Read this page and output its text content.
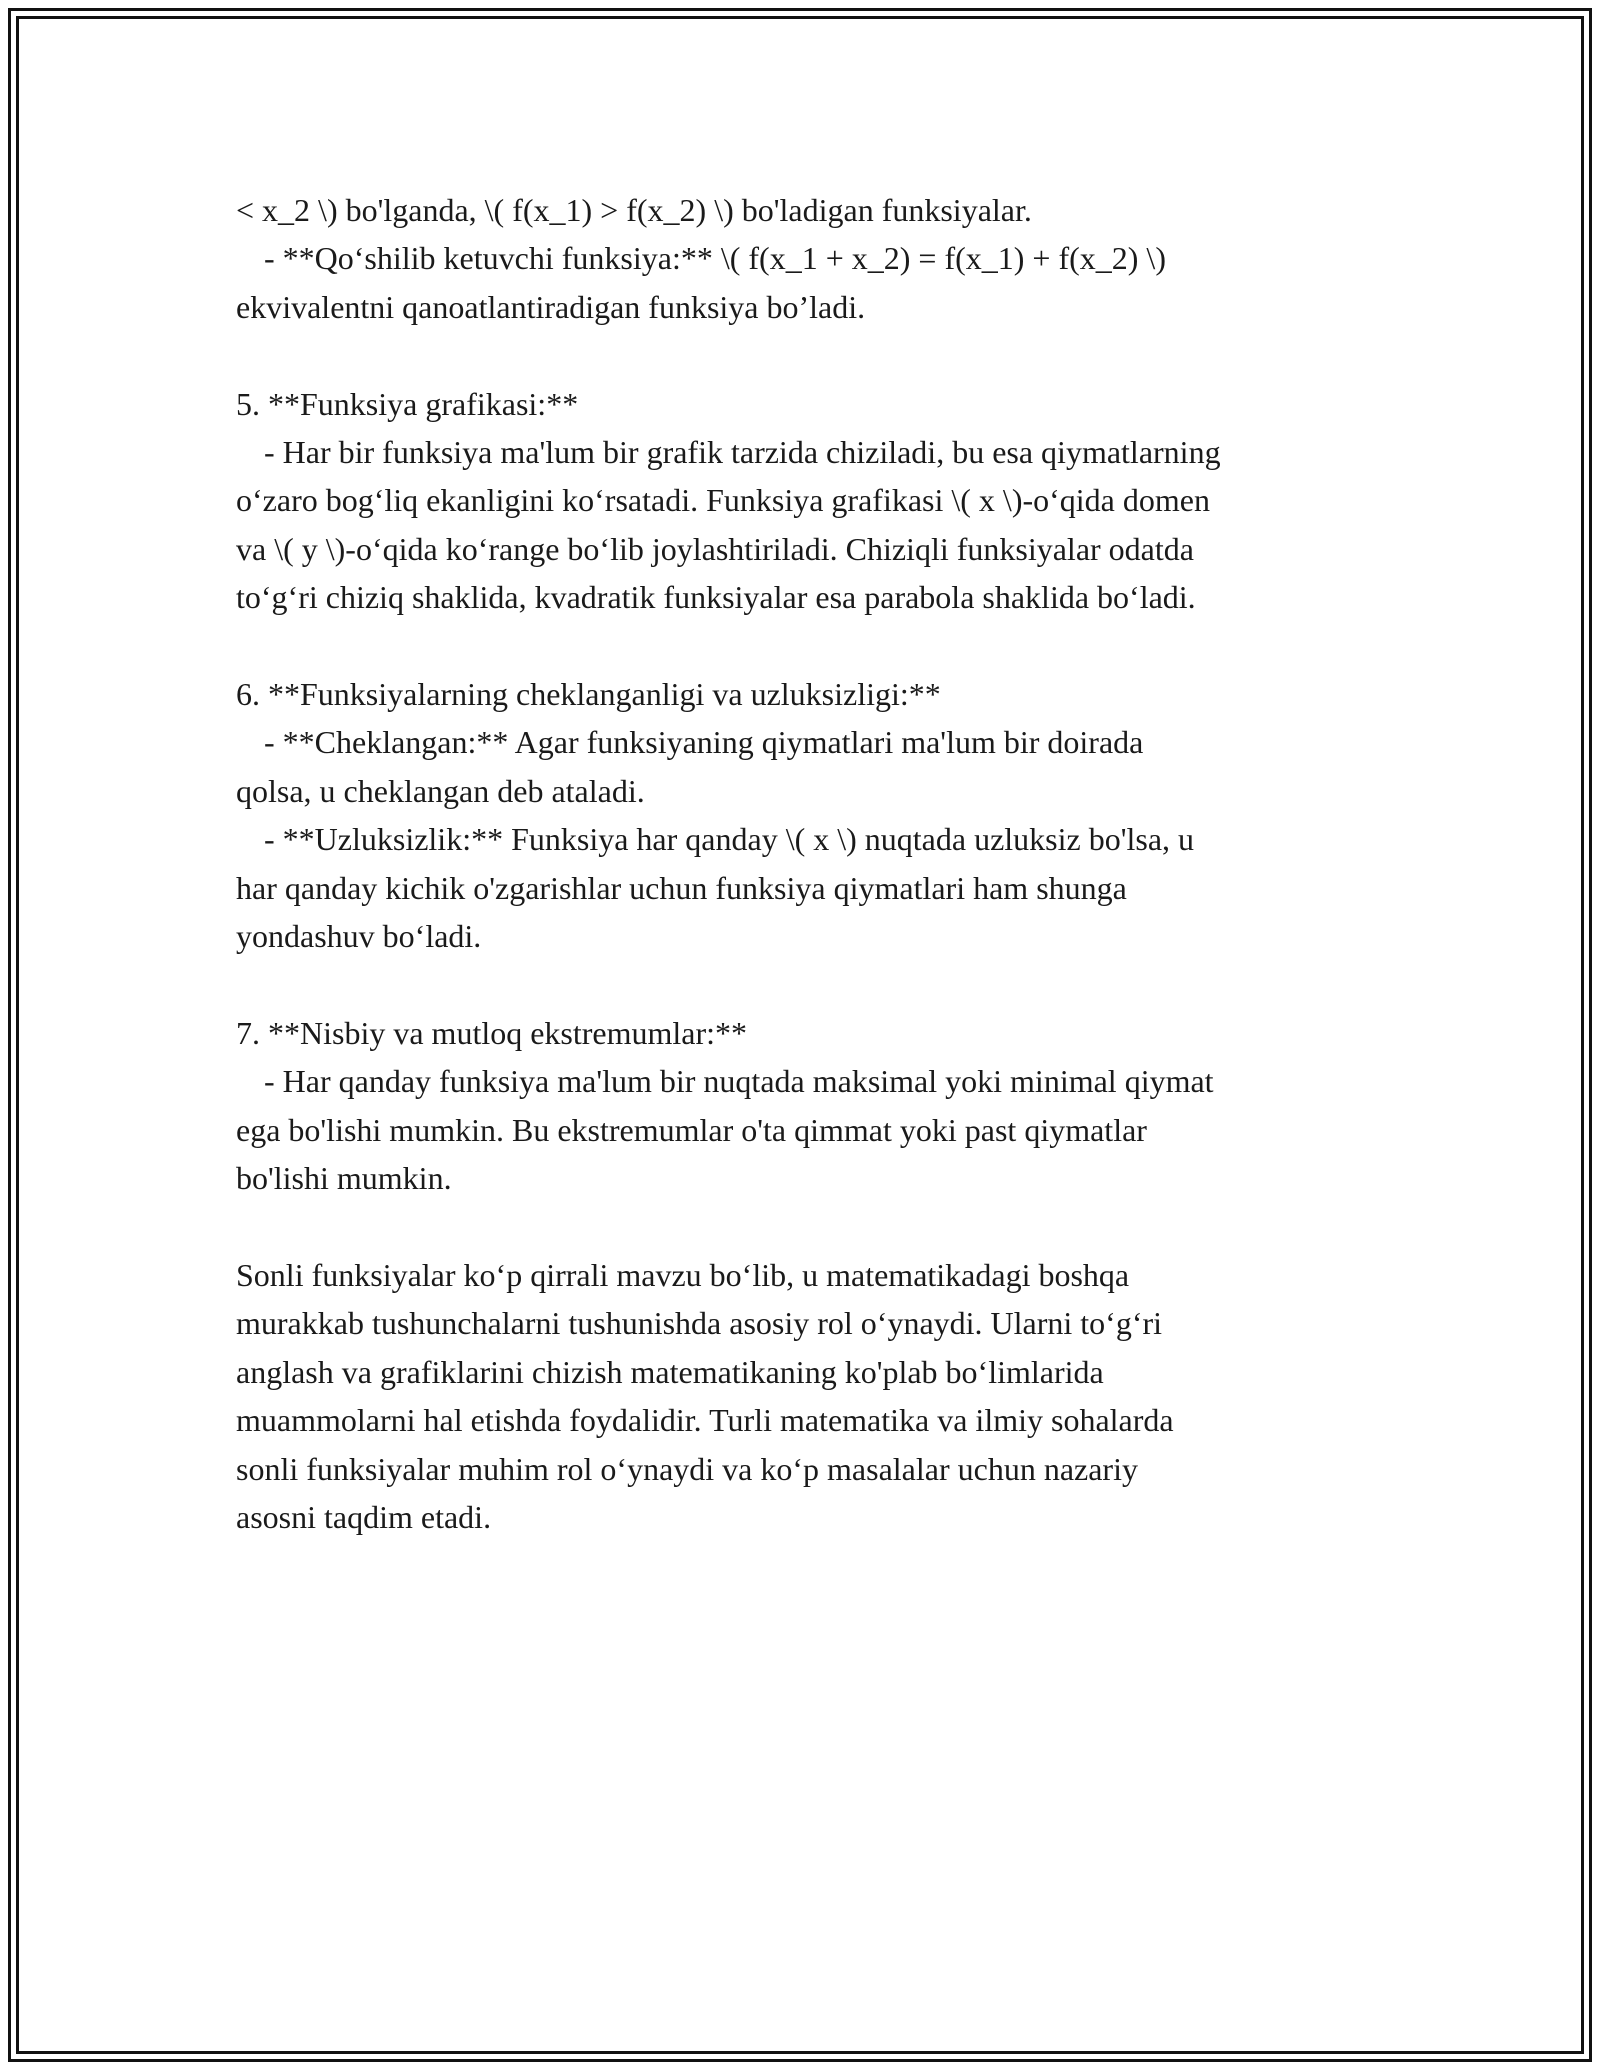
< x_2 \) bo'lganda, \( f(x_1) > f(x_2) \) bo'ladigan funksiyalar.
- **Qo‘shilib ketuvchi funksiya:** \( f(x_1 + x_2) = f(x_1) + f(x_2) \)
ekvivalentni qanoatlantiradigan funksiya bo’ladi.
5. **Funksiya grafikasi:**
- Har bir funksiya ma'lum bir grafik tarzida chiziladi, bu esa qiymatlarning
o‘zaro bog‘liq ekanligini ko‘rsatadi. Funksiya grafikasi \( x \)-o‘qida domen
va \( y \)-o‘qida ko‘range bo‘lib joylashtiriladi. Chiziqli funksiyalar odatda
to‘g‘ri chiziq shaklida, kvadratik funksiyalar esa parabola shaklida bo‘ladi.
6. **Funksiyalarning cheklanganligi va uzluksizligi:**
- **Cheklangan:** Agar funksiyaning qiymatlari ma'lum bir doirada
qolsa, u cheklangan deb ataladi.
- **Uzluksizlik:** Funksiya har qanday \( x \) nuqtada uzluksiz bo'lsa, u
har qanday kichik o'zgarishlar uchun funksiya qiymatlari ham shunga
yondashuv bo‘ladi.
7. **Nisbiy va mutloq ekstremumlar:**
- Har qanday funksiya ma'lum bir nuqtada maksimal yoki minimal qiymat
ega bo'lishi mumkin. Bu ekstremumlar o'ta qimmat yoki past qiymatlar
bo'lishi mumkin.
Sonli funksiyalar ko‘p qirrali mavzu bo‘lib, u matematikadagi boshqa
murakkab tushunchalarni tushunishda asosiy rol o‘ynaydi. Ularni to‘g‘ri
anglash va grafiklarini chizish matematikaning ko'plab bo‘limlarida
muammolarni hal etishda foydalidir. Turli matematika va ilmiy sohalarda
sonli funksiyalar muhim rol o‘ynaydi va ko‘p masalalar uchun nazariy
asosni taqdim etadi.
